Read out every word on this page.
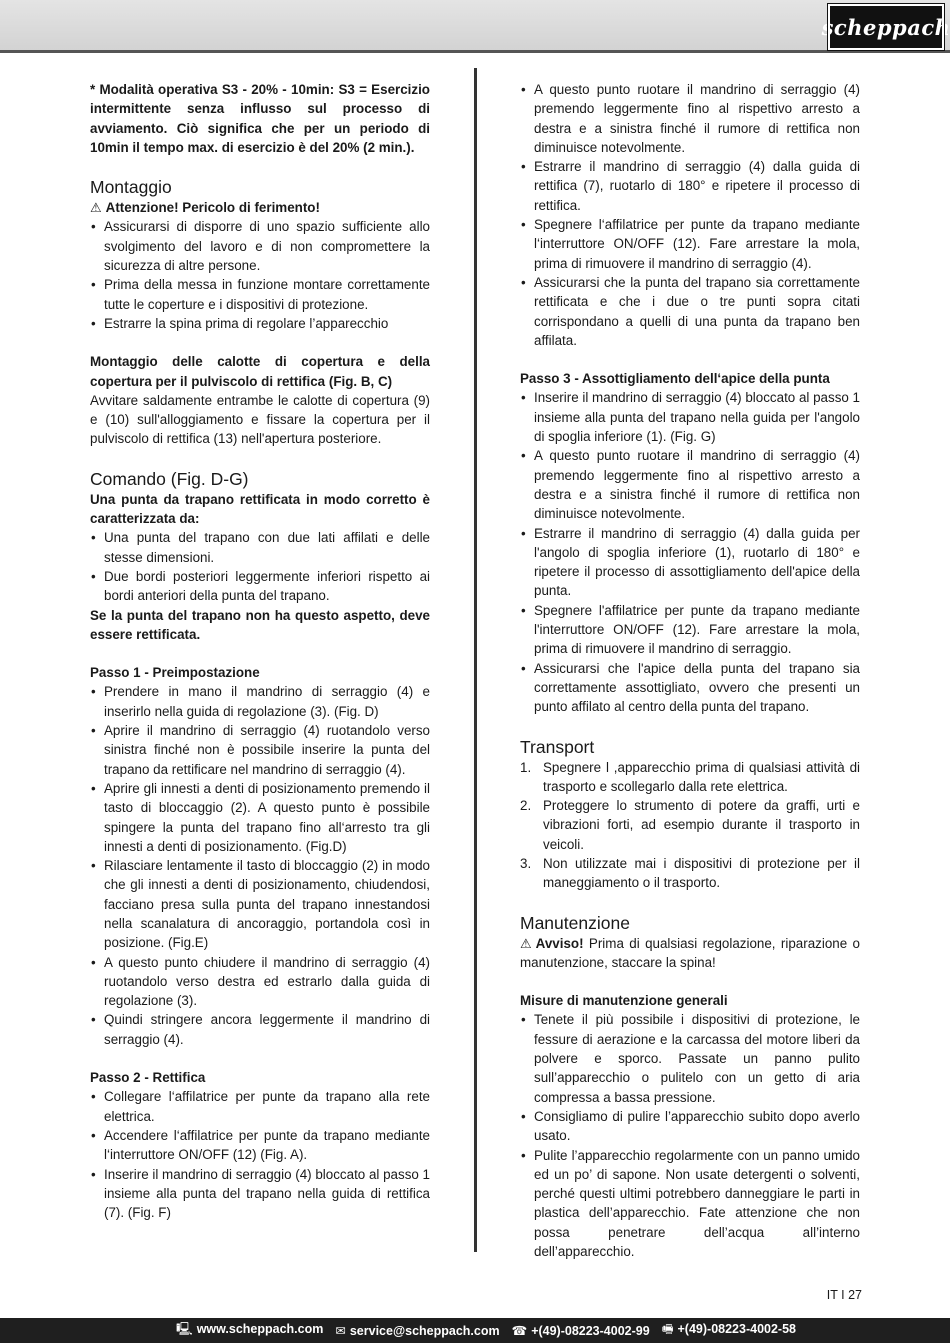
scheppach

* Modalità operativa S3 - 20% - 10min: S3 = Esercizio intermittente senza influsso sul processo di avviamento. Ciò significa che per un periodo di 10min il tempo max. di esercizio è del 20% (2 min.).

Montaggio

⚠ Attenzione! Pericolo di ferimento!

• Assicurarsi di disporre di uno spazio sufficiente allo svolgimento del lavoro e di non compromettere la sicurezza di altre persone.
• Prima della messa in funzione montare correttamente tutte le coperture e i dispositivi di protezione.
• Estrarre la spina prima di regolare l’apparecchio

Montaggio delle calotte di copertura e della copertura per il pulviscolo di rettifica (Fig. B, C)

Avvitare saldamente entrambe le calotte di copertura (9) e (10) sull'alloggiamento e fissare la copertura per il pulviscolo di rettifica (13) nell'apertura posteriore.

Comando (Fig. D-G)

Una punta da trapano rettificata in modo corretto è caratterizzata da:

• Una punta del trapano con due lati affilati e delle stesse dimensioni.
• Due bordi posteriori leggermente inferiori rispetto ai bordi anteriori della punta del trapano.

Se la punta del trapano non ha questo aspetto, deve essere rettificata.

Passo 1 - Preimpostazione

• Prendere in mano il mandrino di serraggio (4) e inserirlo nella guida di regolazione (3). (Fig. D)
• Aprire il mandrino di serraggio (4) ruotandolo verso sinistra finché non è possibile inserire la punta del trapano da rettificare nel mandrino di serraggio (4).
• Aprire gli innesti a denti di posizionamento premendo il tasto di bloccaggio (2). A questo punto è possibile spingere la punta del trapano fino all‘arresto tra gli innesti a denti di posizionamento. (Fig.D)
• Rilasciare lentamente il tasto di bloccaggio (2) in modo che gli innesti a denti di posizionamento, chiudendosi, facciano presa sulla punta del trapano innestandosi nella scanalatura di ancoraggio, portandola così in posizione. (Fig.E)
• A questo punto chiudere il mandrino di serraggio (4) ruotandolo verso destra ed estrarlo dalla guida di regolazione (3).
• Quindi stringere ancora leggermente il mandrino di serraggio (4).

Passo 2 - Rettifica

• Collegare l‘affilatrice per punte da trapano alla rete elettrica.
• Accendere l‘affilatrice per punte da trapano mediante l‘interruttore ON/OFF (12) (Fig. A).
• Inserire il mandrino di serraggio (4) bloccato al passo 1 insieme alla punta del trapano nella guida di rettifica (7). (Fig. F)
• A questo punto ruotare il mandrino di serraggio (4) premendo leggermente fino al rispettivo arresto a destra e a sinistra finché il rumore di rettifica non diminuisce notevolmente.
• Estrarre il mandrino di serraggio (4) dalla guida di rettifica (7), ruotarlo di 180° e ripetere il processo di rettifica.
• Spegnere l‘affilatrice per punte da trapano mediante l‘interruttore ON/OFF (12). Fare arrestare la mola, prima di rimuovere il mandrino di serraggio (4).
• Assicurarsi che la punta del trapano sia correttamente rettificata e che i due o tre punti sopra citati corrispondano a quelli di una punta da trapano ben affilata.

Passo 3 - Assottigliamento dell‘apice della punta

• Inserire il mandrino di serraggio (4) bloccato al passo 1 insieme alla punta del trapano nella guida per l'angolo di spoglia inferiore (1). (Fig. G)
• A questo punto ruotare il mandrino di serraggio (4) premendo leggermente fino al rispettivo arresto a destra e a sinistra finché il rumore di rettifica non diminuisce notevolmente.
• Estrarre il mandrino di serraggio (4) dalla guida per l'angolo di spoglia inferiore (1), ruotarlo di 180° e ripetere il processo di assottigliamento dell'apice della punta.
• Spegnere l'affilatrice per punte da trapano mediante l'interruttore ON/OFF (12). Fare arrestare la mola, prima di rimuovere il mandrino di serraggio.
• Assicurarsi che l'apice della punta del trapano sia correttamente assottigliato, ovvero che presenti un punto affilato al centro della punta del trapano.
Transport
1. Spegnere l ,apparecchio prima di qualsiasi attività di trasporto e scollegarlo dalla rete elettrica.
2. Proteggere lo strumento di potere da graffi, urti e vibrazioni forti, ad esempio durante il trasporto in veicoli.
3. Non utilizzate mai i dispositivi di protezione per il maneggiamento o il trasporto.
Manutenzione

⚠ Avviso! Prima di qualsiasi regolazione, riparazione o manutenzione, staccare la spina!

Misure di manutenzione generali

• Tenete il più possibile i dispositivi di protezione, le fessure di aerazione e la carcassa del motore liberi da polvere e sporco. Passate un panno pulito sull’apparecchio o pulitelo con un getto di aria compressa a bassa pressione.
• Consigliamo di pulire l’apparecchio subito dopo averlo usato.
• Pulite l’apparecchio regolarmente con un panno umido ed un po’ di sapone. Non usate detergenti o solventi, perché questi ultimi potrebbero danneggiare le parti in plastica dell’apparecchio. Fate attenzione che non possa penetrare dell’acqua all’interno dell’apparecchio.
IT I 27
🖳 www.scheppach.com ✉ service@scheppach.com ☎ +(49)-08223-4002-99 🖷 +(49)-08223-4002-58
